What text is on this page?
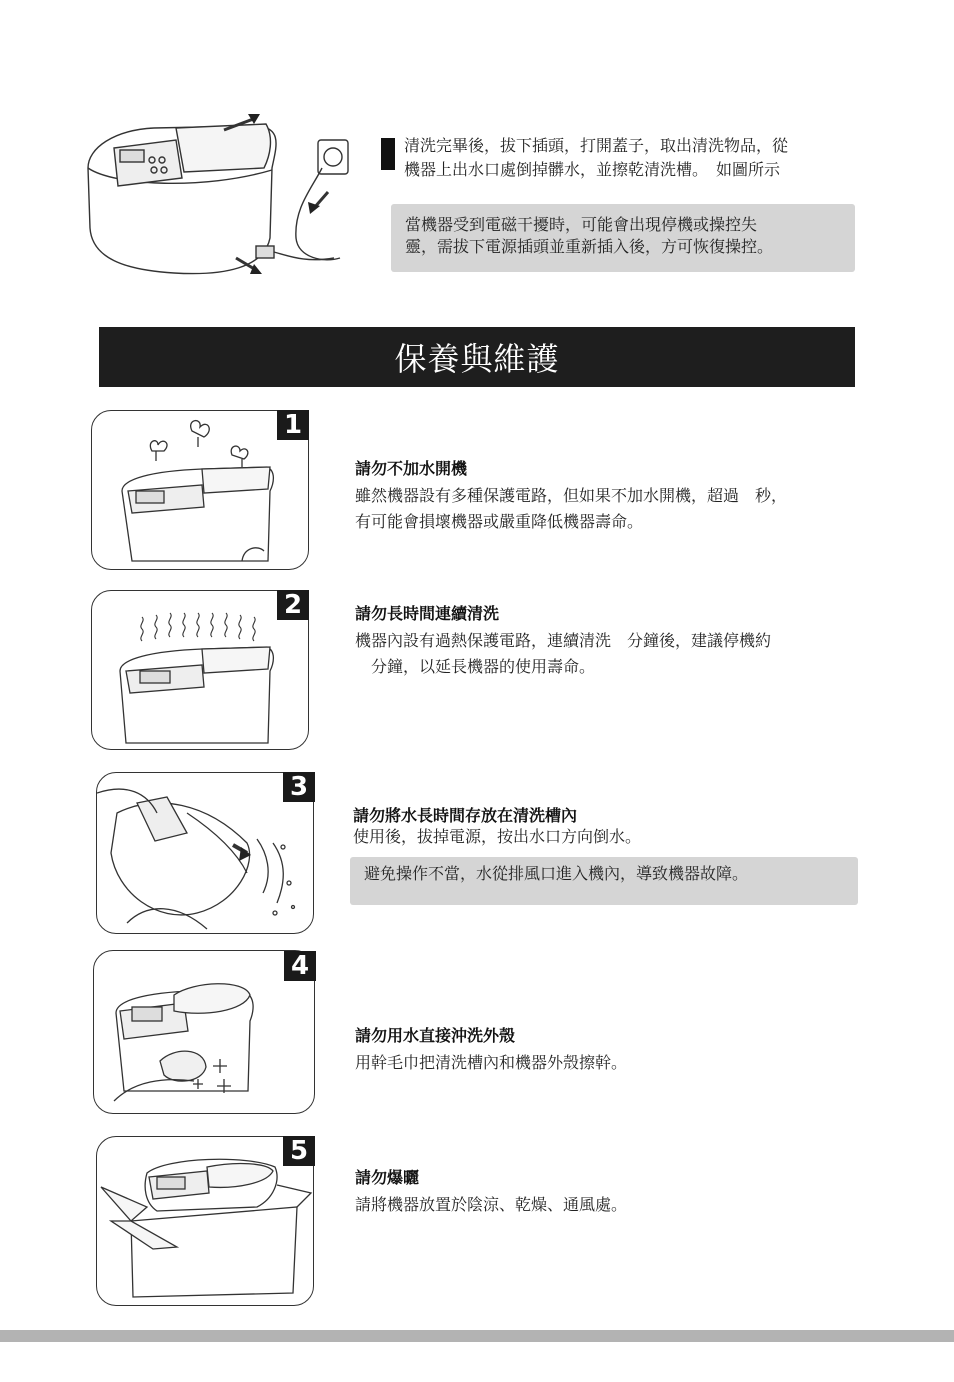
清洗完畢後，拔下插頭，打開蓋子，取出清洗物品，從
機器上出水口處倒掉髒水，並擦乾清洗槽。　如圖所示
當機器受到電磁干擾時，可能會出現停機或操控失
靈，需拔下電源插頭並重新插入後，方可恢復操控。
保養與維護
1
請勿不加水開機
雖然機器設有多種保護電路，但如果不加水開機，超過　秒，
有可能會損壞機器或嚴重降低機器壽命。
2	請勿長時間連續清洗
機器內設有過熱保護電路，連續清洗　分鐘後，建議停機約
　分鐘，以延長機器的使用壽命。
3
請勿將水長時間存放在清洗槽內
使用後，拔掉電源，按出水口方向倒水。
避免操作不當，水從排風口進入機內，導致機器故障。
4
請勿用水直接沖洗外殼
用幹毛巾把清洗槽內和機器外殼擦幹。
5
請勿爆曬
請將機器放置於陰涼、乾燥、通風處。
